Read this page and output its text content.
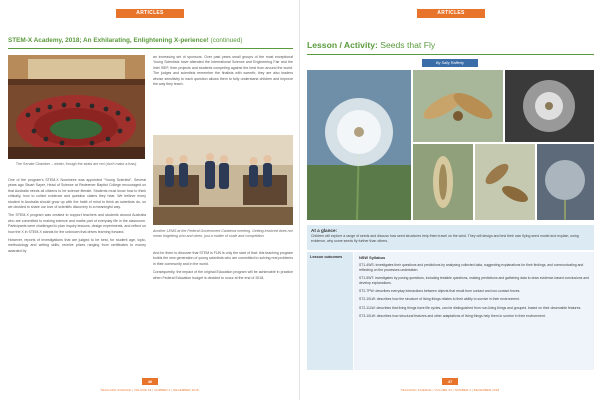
ARTICLES
STEM-X Academy, 2018; An Exhilarating, Enlightening X-perience! (continued)
The Senate Chamber – winter, though the seats are red (don’t make a fuss).

One of the program’s STEM-X Nominees was appointed “Young Scientist”. Several years ago Stuart Sayer, Head of Science at Redeemer Baptist College encouraged us that Australia needs all citizens to be science literate. Students must know how to think critically, how to collect evidence and question claims they hear. We believe every student in Australia should grow up with the habit of mind to think as scientists do, so we decided to share our love of scientific discovery in a meaningful way.

The STEM-X program was created to support teachers and students around Australia who are committed to making science and maths part of everyday life in the classroom. Participants were challenged to plan inquiry lessons, design experiments, and reflect on how the X in STEM-X stands for the unknown that drives learning forward.

However, reports of investigations that are judged to be best, for student age, topic, methodology and writing skills, receive prizes ranging from certificates to money awarded by

an increasing set of sponsors. Over past years small groups of the most exceptional Young Scientists have attended the International Science and Engineering Fair and the Intel ISEF, then projects and students competing against the best from around the world. The judges and scientists remember the finalists with warmth; they are also leaders whose sensitivity to each question allows them to fully understand children and improve the way they teach.

Another LEMS at the Federal Government Canberra meeting. Getting involved does not mean forgetting who and when, just a matter of scale and competition.

And for them to discover that STEM is FUN is only the start of that: this teaching program builds the new generation of young scientists who are committed to solving real problems in their community and in the world.

Consequently, the impact of the original Education program will be achievable in practice when Federal Education budget is decided to occur at the end of 2018.

46
TEACHING SCIENCE | VOLUME 64 | NUMBER 4 | DECEMBER 2018
ARTICLES
Lesson / Activity: Seeds that Fly
By Sally Rafferty
At a glance:
Children will explore a range of seeds and discuss how seed structures help them travel on the wind. They will design and test their own flying seed model and explain, using evidence, why some seeds fly further than others.
Lesson outcomes	NSW Syllabus
ST1-4WS: investigates their questions and predictions by analysing collected data, suggesting explanations for their findings, and communicating and reflecting on the processes undertaken.
ST1-5WT: investigates by posing questions, including testable questions, making predictions and gathering data to draw evidence-based conclusions and develop explanations.
ST2-7PW: describes everyday interactions between objects that result from contact and non-contact forces.
ST2-10LW: describes how the structure of living things relates to their ability to survive in their environment.
ST2-11LW: describes that living things have life cycles, can be distinguished from non-living things and grouped, based on their observable features.
ST3-10LW: describes how structural features and other adaptations of living things help them to survive in their environment.
47
TEACHING SCIENCE | VOLUME 64 | NUMBER 4 | DECEMBER 2018
